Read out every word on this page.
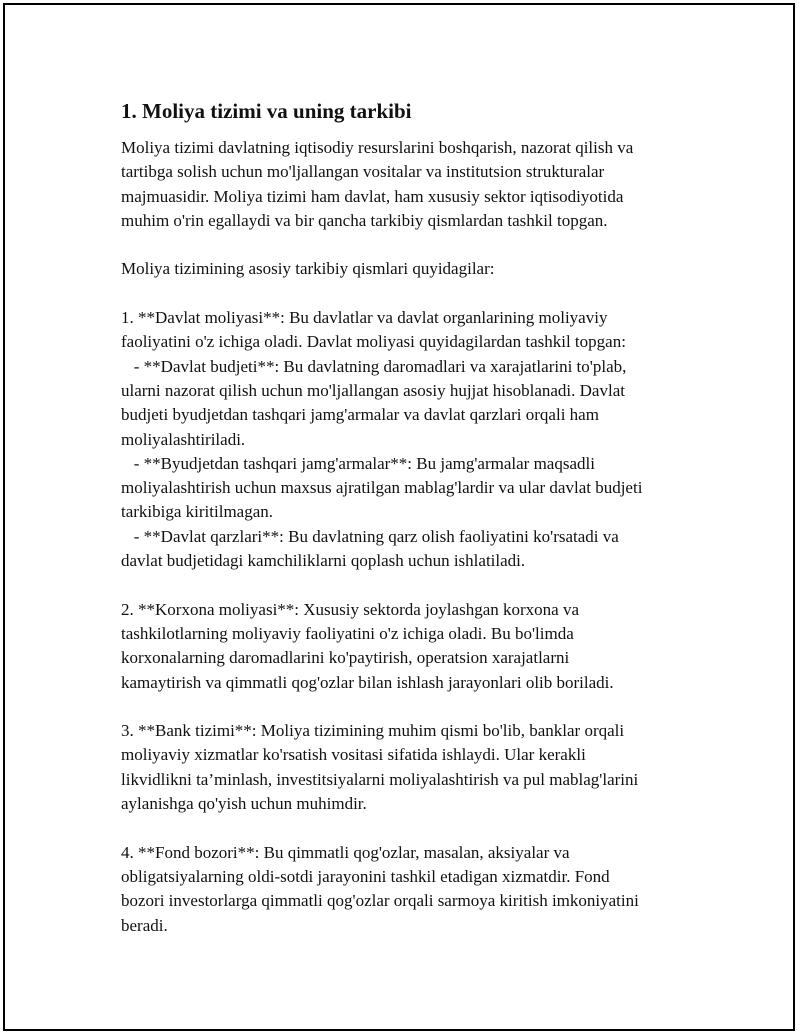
1. Moliya tizimi va uning tarkibi
Moliya tizimi davlatning iqtisodiy resurslarini boshqarish, nazorat qilish va
tartibga solish uchun mo'ljallangan vositalar va institutsion strukturalar
majmuasidir. Moliya tizimi ham davlat, ham xususiy sektor iqtisodiyotida
muhim o'rin egallaydi va bir qancha tarkibiy qismlardan tashkil topgan.
Moliya tizimining asosiy tarkibiy qismlari quyidagilar:
1. **Davlat moliyasi**: Bu davlatlar va davlat organlarining moliyaviy
faoliyatini o'z ichiga oladi. Davlat moliyasi quyidagilardan tashkil topgan:
- **Davlat budjeti**: Bu davlatning daromadlari va xarajatlarini to'plab,
ularni nazorat qilish uchun mo'ljallangan asosiy hujjat hisoblanadi. Davlat
budjeti byudjetdan tashqari jamg'armalar va davlat qarzlari orqali ham
moliyalashtiriladi.
- **Byudjetdan tashqari jamg'armalar**: Bu jamg'armalar maqsadli
moliyalashtirish uchun maxsus ajratilgan mablag'lardir va ular davlat budjeti
tarkibiga kiritilmagan.
- **Davlat qarzlari**: Bu davlatning qarz olish faoliyatini ko'rsatadi va
davlat budjetidagi kamchiliklarni qoplash uchun ishlatiladi.
2. **Korxona moliyasi**: Xususiy sektorda joylashgan korxona va
tashkilotlarning moliyaviy faoliyatini o'z ichiga oladi. Bu bo'limda
korxonalarning daromadlarini ko'paytirish, operatsion xarajatlarni
kamaytirish va qimmatli qog'ozlar bilan ishlash jarayonlari olib boriladi.
3. **Bank tizimi**: Moliya tizimining muhim qismi bo'lib, banklar orqali
moliyaviy xizmatlar ko'rsatish vositasi sifatida ishlaydi. Ular kerakli
likvidlikni ta’minlash, investitsiyalarni moliyalashtirish va pul mablag'larini
aylanishga qo'yish uchun muhimdir.
4. **Fond bozori**: Bu qimmatli qog'ozlar, masalan, aksiyalar va
obligatsiyalarning oldi-sotdi jarayonini tashkil etadigan xizmatdir. Fond
bozori investorlarga qimmatli qog'ozlar orqali sarmoya kiritish imkoniyatini
beradi.
